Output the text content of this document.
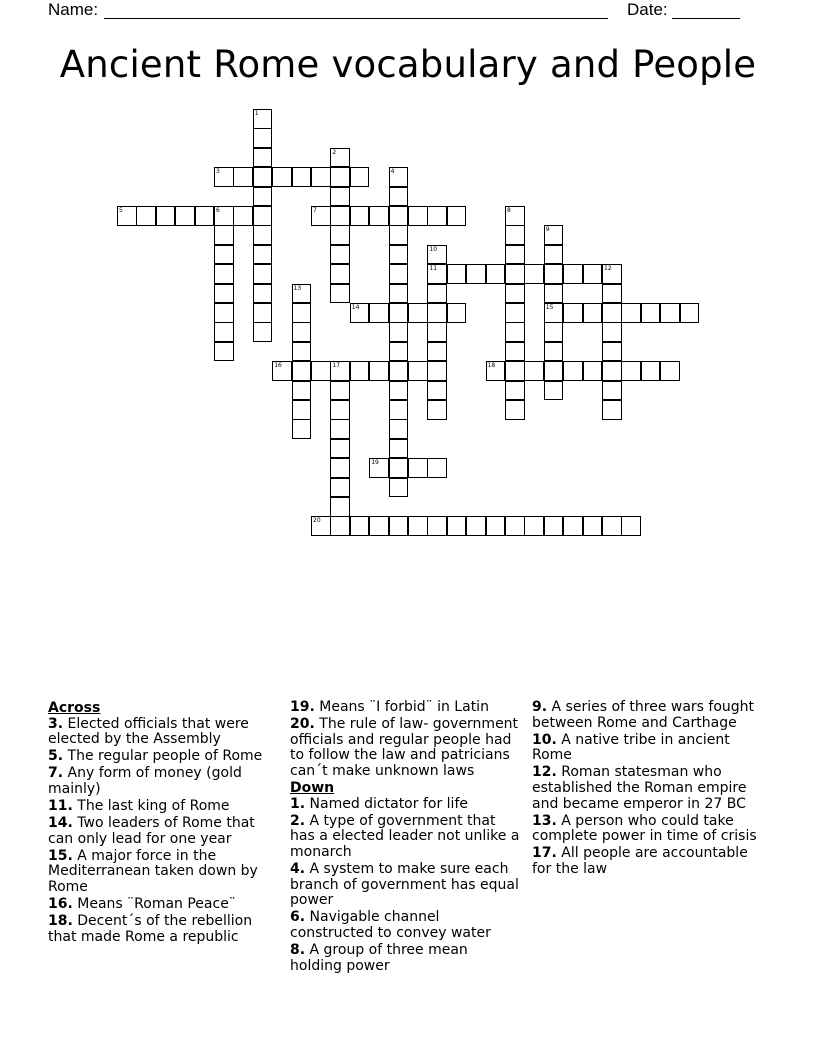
Name:	Date:
Ancient Rome vocabulary and People
3
5	6	7
11	12
14	15
16	17	18
19
20
1
2
4
8
9
10
13
Across
3. Elected officials that were elected by the Assembly
5. The regular people of Rome
7. Any form of money (gold mainly)
11. The last king of Rome
14. Two leaders of Rome that can only lead for one year
15. A major force in the Mediterranean taken down by Rome
16. Means ¨Roman Peace¨
18. Decent´s of the rebellion that made Rome a republic
19. Means ¨I forbid¨ in Latin
20. The rule of law- government officials and regular people had to follow the law and patricians can´t make unknown laws
Down
1. Named dictator for life
2. A type of government that has a elected leader not unlike a monarch
4. A system to make sure each branch of government has equal power
6. Navigable channel constructed to convey water
8. A group of three mean holding power
9. A series of three wars fought between Rome and Carthage
10. A native tribe in ancient Rome
12. Roman statesman who established the Roman empire and became emperor in 27 BC
13. A person who could take complete power in time of crisis
17. All people are accountable for the law
